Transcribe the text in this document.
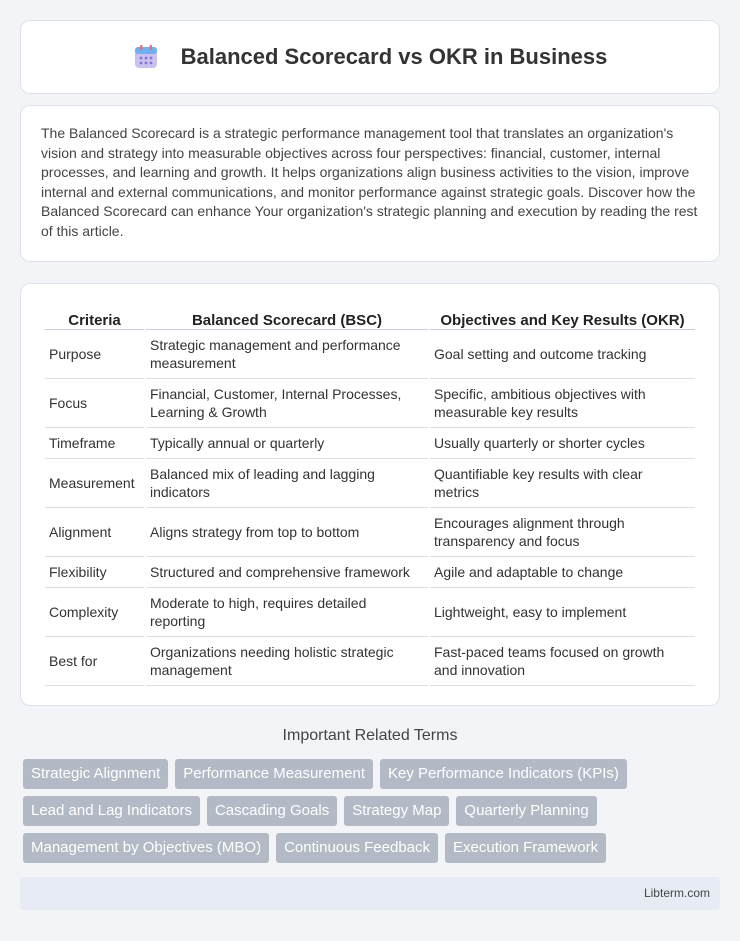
Balanced Scorecard vs OKR in Business

The Balanced Scorecard is a strategic performance management tool that translates an organization's vision and strategy into measurable objectives across four perspectives: financial, customer, internal processes, and learning and growth. It helps organizations align business activities to the vision, improve internal and external communications, and monitor performance against strategic goals. Discover how the Balanced Scorecard can enhance Your organization's strategic planning and execution by reading the rest of this article.

Criteria	Balanced Scorecard (BSC)	Objectives and Key Results (OKR)
Purpose	Strategic management and performance measurement	Goal setting and outcome tracking
Focus	Financial, Customer, Internal Processes, Learning & Growth	Specific, ambitious objectives with measurable key results
Timeframe	Typically annual or quarterly	Usually quarterly or shorter cycles
Measurement	Balanced mix of leading and lagging indicators	Quantifiable key results with clear metrics
Alignment	Aligns strategy from top to bottom	Encourages alignment through transparency and focus
Flexibility	Structured and comprehensive framework	Agile and adaptable to change
Complexity	Moderate to high, requires detailed reporting	Lightweight, easy to implement
Best for	Organizations needing holistic strategic management	Fast-paced teams focused on growth and innovation
Important Related Terms
Strategic Alignment	Performance Measurement	Key Performance Indicators (KPIs)
Lead and Lag Indicators	Cascading Goals	Strategy Map	Quarterly Planning
Management by Objectives (MBO)	Continuous Feedback	Execution Framework
Libterm.com
